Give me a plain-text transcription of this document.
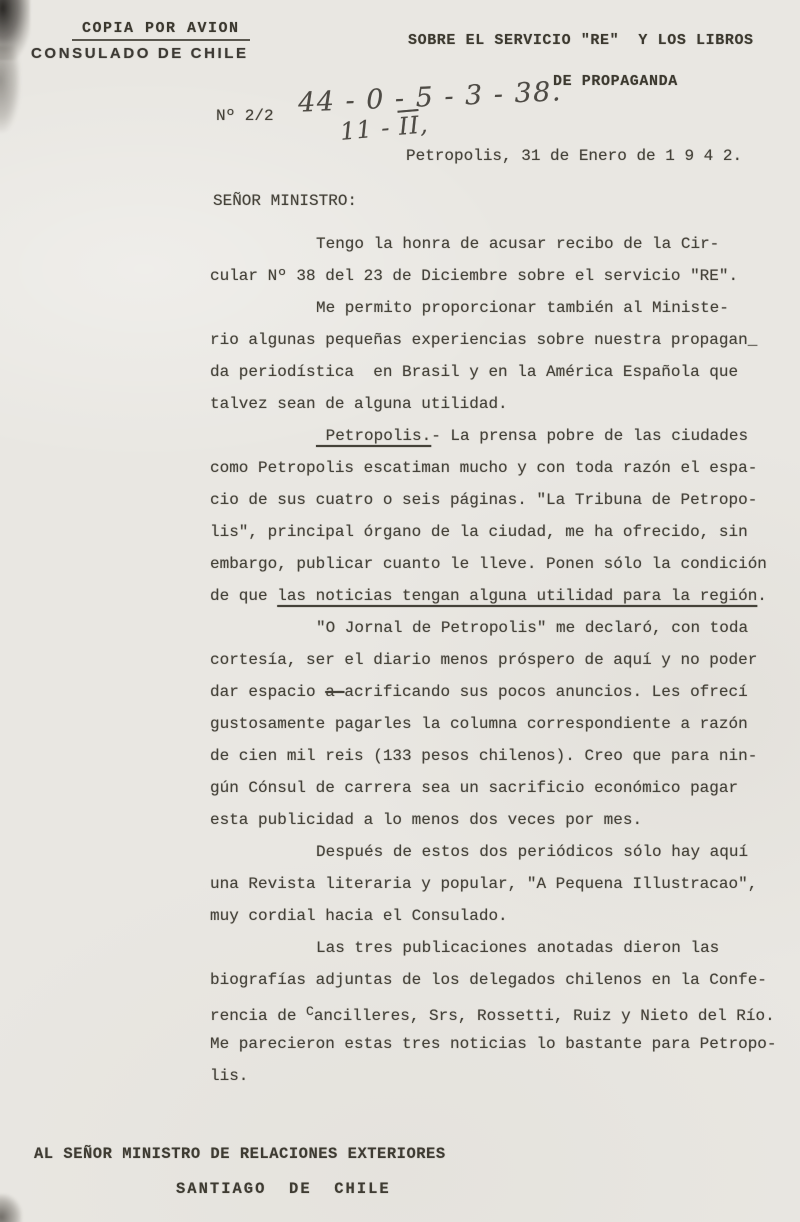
COPIA POR AVION
CONSULADO DE CHILE
SOBRE EL SERVICIO "RE"  Y LOS LIBROS
DE PROPAGANDA
Nº 2/2 44 - 0 - 5 - 3 - 38.
$11 - \overline{II}$,
Petropolis, 31 de Enero de 1 9 4 2.
SEÑOR MINISTRO:
Tengo la honra de acusar recibo de la Cir-
cular Nº 38 del 23 de Diciembre sobre el servicio "RE".
Me permito proporcionar también al Ministe-
rio algunas pequeñas experiencias sobre nuestra propagan_
da periodística  en Brasil y en la América Española que
talvez sean de alguna utilidad.
Petropolis.- La prensa pobre de las ciudades
como Petropolis escatiman mucho y con toda razón el espa-
cio de sus cuatro o seis páginas. "La Tribuna de Petropo-
lis", principal órgano de la ciudad, me ha ofrecido, sin
embargo, publicar cuanto le lleve. Ponen sólo la condición
de que las noticias tengan alguna utilidad para la región.
"O Jornal de Petropolis" me declaró, con toda
cortesía, ser el diario menos próspero de aquí y no poder
dar espacio a-acrificando sus pocos anuncios. Les ofrecí
gustosamente pagarles la columna correspondiente a razón
de cien mil reis (133 pesos chilenos). Creo que para nin-
gún Cónsul de carrera sea un sacrificio económico pagar
esta publicidad a lo menos dos veces por mes.
Después de estos dos periódicos sólo hay aquí
una Revista literaria y popular, "A Pequena Illustracao",
muy cordial hacia el Consulado.
Las tres publicaciones anotadas dieron las
biografías adjuntas de los delegados chilenos en la Confe-
rencia de $^C$ancilleres, Srs, Rossetti, Ruiz y Nieto del Río.
Me parecieron estas tres noticias lo bastante para Petropo-
lis.
AL SEÑOR MINISTRO DE RELACIONES EXTERIORES
SANTIAGO  DE  CHILE
